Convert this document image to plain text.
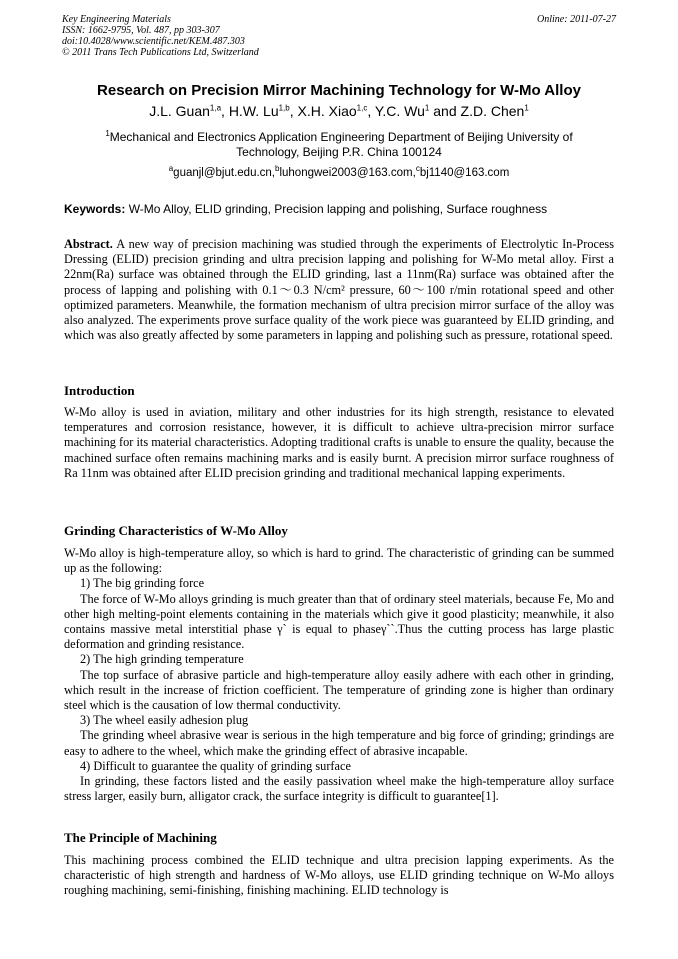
Key Engineering Materials
ISSN: 1662-9795, Vol. 487, pp 303-307
doi:10.4028/www.scientific.net/KEM.487.303
© 2011 Trans Tech Publications Ltd, Switzerland
Online: 2011-07-27
Research on Precision Mirror Machining Technology for W-Mo Alloy
J.L. Guan$^{1,a}$, H.W. Lu$^{1,b}$, X.H. Xiao$^{1,c}$, Y.C. Wu$^1$ and Z.D. Chen$^1$
$^1$Mechanical and Electronics Application Engineering Department of Beijing University of Technology, Beijing P.R. China 100124
$^a$guanjl@bjut.edu.cn,$^b$luhongwei2003@163.com,$^c$bj1140@163.com
Keywords: W-Mo Alloy, ELID grinding, Precision lapping and polishing, Surface roughness

Abstract. A new way of precision machining was studied through the experiments of Electrolytic In-Process Dressing (ELID) precision grinding and ultra precision lapping and polishing for W-Mo metal alloy. First a 22nm(Ra) surface was obtained through the ELID grinding, last a 11nm(Ra) surface was obtained after the process of lapping and polishing with 0.1～0.3 N/cm² pressure, 60～100 r/min rotational speed and other optimized parameters. Meanwhile, the formation mechanism of ultra precision mirror surface of the alloy was also analyzed. The experiments prove surface quality of the work piece was guaranteed by ELID grinding, and which was also greatly affected by some parameters in lapping and polishing such as pressure, rotational speed.

Introduction

W-Mo alloy is used in aviation, military and other industries for its high strength, resistance to elevated temperatures and corrosion resistance, however, it is difficult to achieve ultra-precision mirror surface machining for its material characteristics. Adopting traditional crafts is unable to ensure the quality, because the machined surface often remains machining marks and is easily burnt. A precision mirror surface roughness of Ra 11nm was obtained after ELID precision grinding and traditional mechanical lapping experiments.

Grinding Characteristics of W-Mo Alloy

W-Mo alloy is high-temperature alloy, so which is hard to grind. The characteristic of grinding can be summed up as the following:

1) The big grinding force

The force of W-Mo alloys grinding is much greater than that of ordinary steel materials, because Fe, Mo and other high melting-point elements containing in the materials which give it good plasticity; meanwhile, it also contains massive metal interstitial phase γ` is equal to phaseγ``.Thus the cutting process has large plastic deformation and grinding resistance.

2) The high grinding temperature

The top surface of abrasive particle and high-temperature alloy easily adhere with each other in grinding, which result in the increase of friction coefficient. The temperature of grinding zone is higher than ordinary steel which is the causation of low thermal conductivity.

3) The wheel easily adhesion plug

The grinding wheel abrasive wear is serious in the high temperature and big force of grinding; grindings are easy to adhere to the wheel, which make the grinding effect of abrasive incapable.

4) Difficult to guarantee the quality of grinding surface

In grinding, these factors listed and the easily passivation wheel make the high-temperature alloy surface stress larger, easily burn, alligator crack, the surface integrity is difficult to guarantee[1].

The Principle of Machining

This machining process combined the ELID technique and ultra precision lapping experiments. As the characteristic of high strength and hardness of W-Mo alloys, use ELID grinding technique on W-Mo alloys roughing machining, semi-finishing, finishing machining. ELID technology is
